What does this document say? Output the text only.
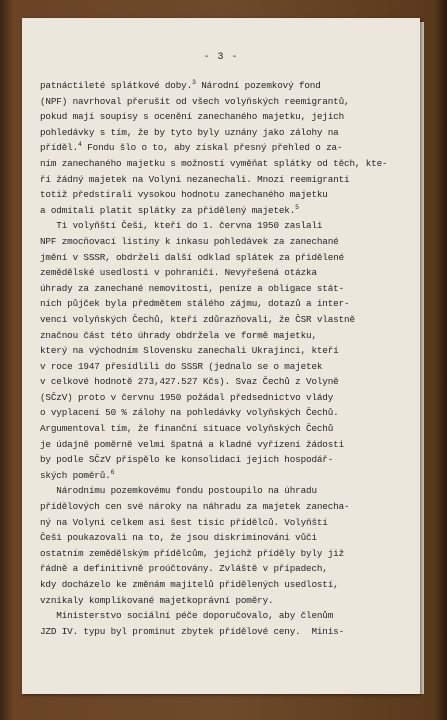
- 3 -
patnáctileté splátkové doby.$^3$ Národní pozemkový fond
(NPF) navrhoval přerušit od všech volyňských reemigrantů,
pokud mají soupisy s ocenění zanechaného majetku, jejich
pohledávky s tím, že by tyto byly uznány jako zálohy na
příděl.$^4$ Fondu šlo o to, aby získal přesný přehled o za-
ním zanechaného majetku s možností vyměňat splátky od těch, kte-
ří žádný majetek na Volyni nezanechali. Mnozí reemigranti
totiž předstírali vysokou hodnotu zanechaného majetku
a odmítali platit splátky za přidělený majetek.$^5$
Ti volyňští Češi, kteří do 1. června 1950 zaslali
NPF zmocňovací listiny k inkasu pohledávek za zanechané
jmění v SSSR, obdrželi další odklad splátek za přidělené
zemědělské usedlosti v pohraničí. Nevyřešená otázka
úhrady za zanechané nemovitosti, peníze a obligace stát-
ních půjček byla předmětem stálého zájmu, dotazů a inter-
vencí volyňských Čechů, kteří zdůrazňovali, že ČSR vlastně
značnou část této úhrady obdržela ve formě majetku,
který na východním Slovensku zanechali Ukrajinci, kteří
v roce 1947 přesídlili do SSSR (jednalo se o majetek
v celkové hodnotě 273,427.527 Kčs). Svaz Čechů z Volyně
(SČzV) proto v červnu 1950 požádal předsednictvo vlády
o vyplacení 50 % zálohy na pohledávky volyňských Čechů.
Argumentoval tím, že finanční situace volyňských Čechů
je údajně poměrně velmi špatná a kladné vyřízení žádosti
by podle SČzV přispělo ke konsolidaci jejich hospodář-
ských poměrů.$^6$
Národnímu pozemkovému fondu postoupilo na úhradu
přídělových cen své nároky na náhradu za majetek zanecha-
ný na Volyni celkem asi šest tisíc přídělců. Volyňští
Češi poukazovali na to, že jsou diskriminováni vůči
ostatním zemědělským přídělcům, jejichž příděly byly již
řádně a definitivně proúčtovány. Zvláště v případech,
kdy docházelo ke změnám majitelů přidělených usedlostí,
vznikaly komplikované majetkoprávní poměry.
Ministerstvo sociální péče doporučovalo, aby členům
JZD IV. typu byl prominut zbytek přídělové ceny.  Minis-
